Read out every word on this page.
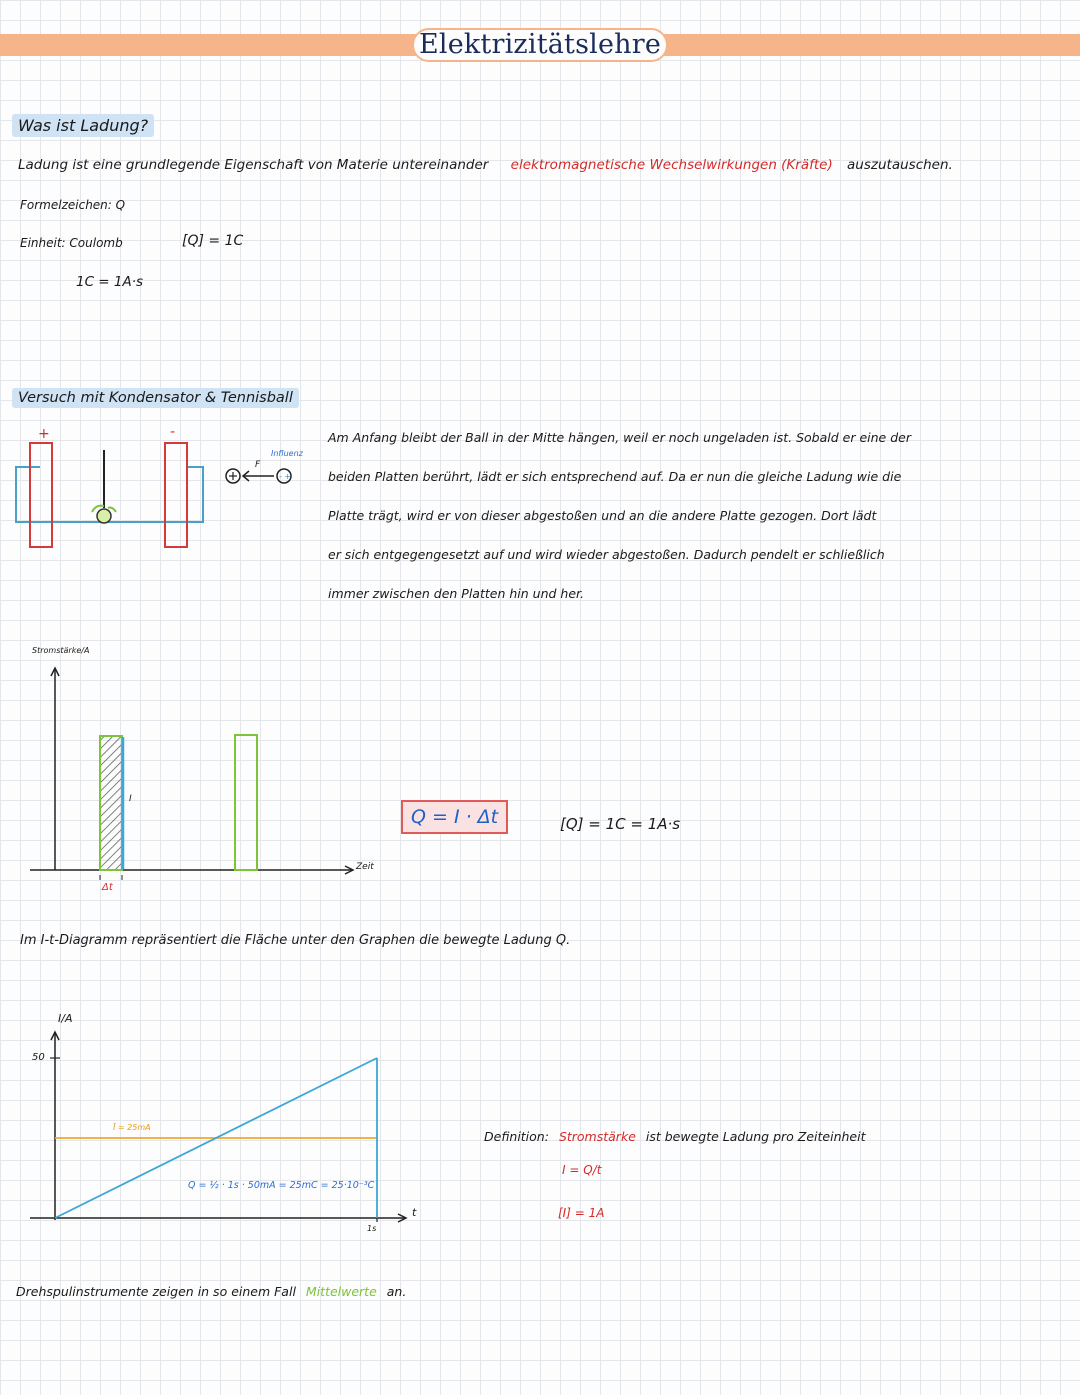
Elektrizitätslehre
Was ist Ladung?
Ladung ist eine grundlegende Eigenschaft von Materie untereinander elektromagnetische Wechselwirkungen (Kräfte) auszutauschen.
Formelzeichen: Q
Einheit: Coulomb	[Q] = 1C
1C = 1A·s
Versuch mit Kondensator & Tennisball
- +
+	-
F
Influenz
Am Anfang bleibt der Ball in der Mitte hängen, weil er noch ungeladen ist. Sobald er eine der
beiden Platten berührt, lädt er sich entsprechend auf. Da er nun die gleiche Ladung wie die
Platte trägt, wird er von dieser abgestoßen und an die andere Platte gezogen. Dort lädt
er sich entgegengesetzt auf und wird wieder abgestoßen. Dadurch pendelt er schließlich
immer zwischen den Platten hin und her.
Stromstärke/A
Zeit
I
Δt
Q = I · Δt	[Q] = 1C = 1A·s
Im I-t-Diagramm repräsentiert die Fläche unter den Graphen die bewegte Ladung Q.
I/A
t
50
1s
Ī = 25mA
Q = ½ · 1s · 50mA = 25mC = 25·10⁻³C
Definition: Stromstärke ist bewegte Ladung pro Zeiteinheit
I = Q/t
[I] = 1A
Drehspulinstrumente zeigen in so einem Fall Mittelwerte an.
